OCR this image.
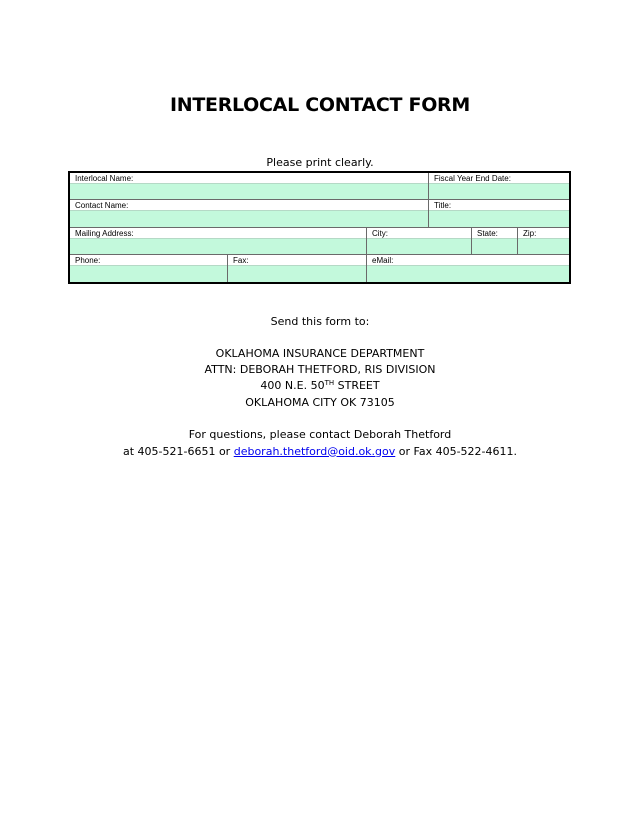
INTERLOCAL CONTACT FORM
Please print clearly.
Interlocal Name:	Fiscal Year End Date:
Contact Name:	Title:
Mailing Address:	City:	State:	Zip:
Phone:	Fax:	eMail:
Send this form to:
OKLAHOMA INSURANCE DEPARTMENT
ATTN: DEBORAH THETFORD, RIS DIVISION
400 N.E. 50TH STREET
OKLAHOMA CITY OK 73105
For questions, please contact Deborah Thetford
at 405-521-6651 or deborah.thetford@oid.ok.gov or Fax 405-522-4611.
